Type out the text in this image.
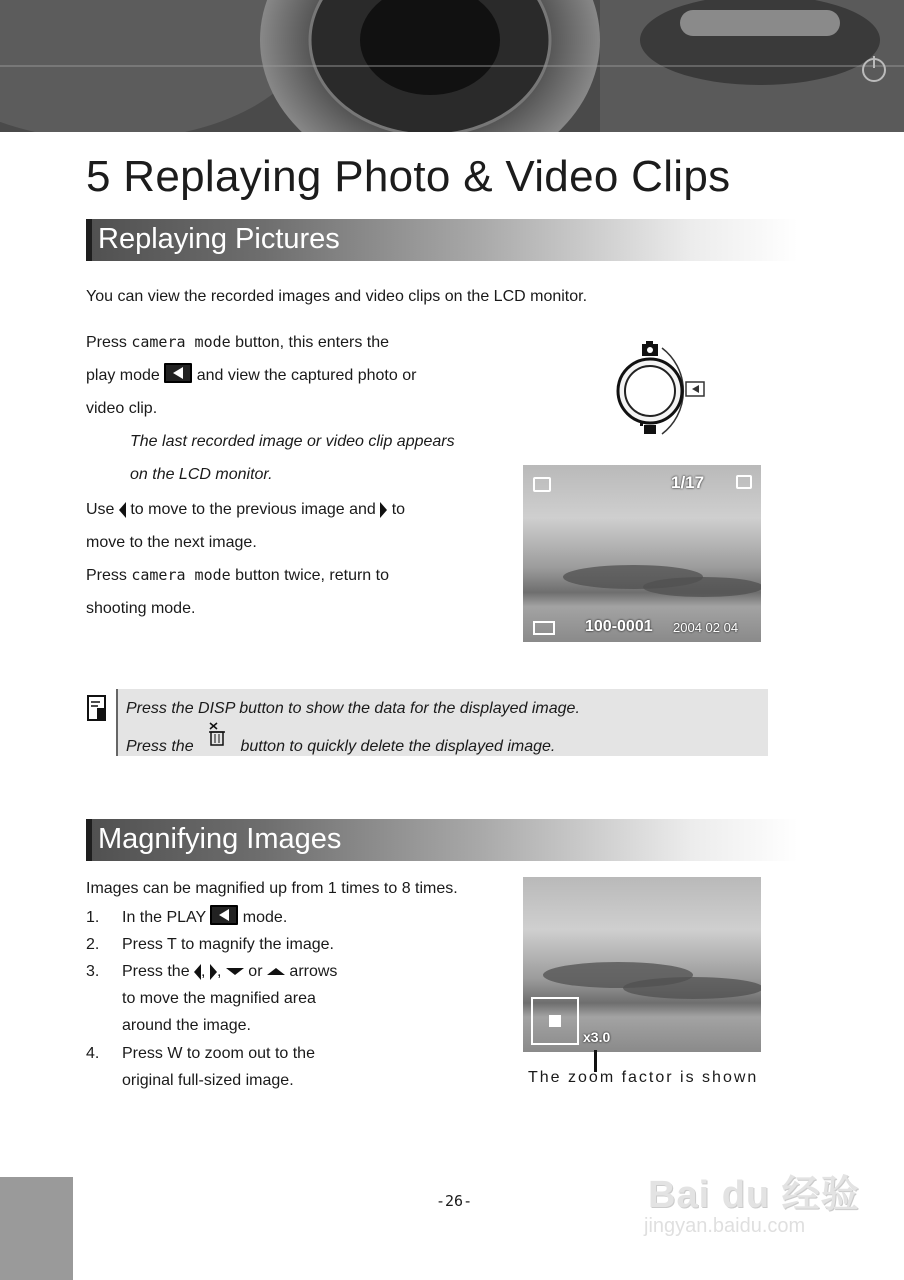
5 Replaying Photo & Video Clips
Replaying Pictures
You can view the recorded images and video clips on the LCD monitor.
Press camera mode button, this enters the
play mode  and view the captured photo or
video clip.
The last recorded image or video clip appears
on the LCD monitor.
Use  to move to the previous image and  to
move to the next image.
Press camera mode button twice, return to
shooting mode.
1/17
100-0001 2004 02 04
Press the DISP button to show the data for the displayed image.
Press the
button to quickly delete the displayed image.
Magnifying Images
Images can be magnified up from 1 times to 8 times.
1. In the PLAY  mode.
2. Press T to magnify the image.
3. Press the , ,  or  arrows
to move the magnified area
around the image.
4. Press W to zoom out to the
original full-sized image.
x3.0
The zoom factor is shown
-26-	Bai du 经验
jingyan.baidu.com
